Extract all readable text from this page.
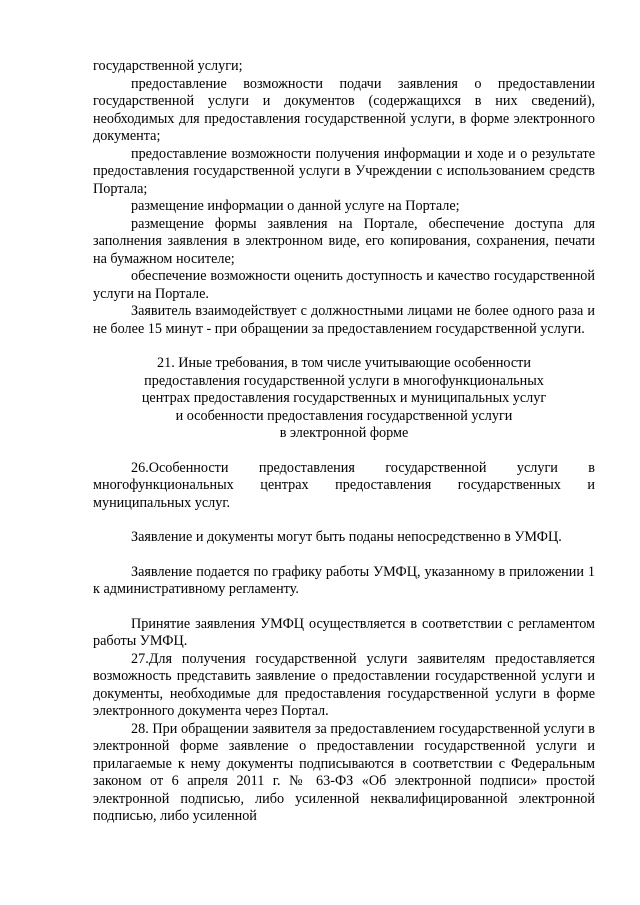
государственной услуги;

предоставление возможности подачи заявления о предоставлении государственной услуги и документов (содержащихся в них сведений), необходимых для предоставления государственной услуги, в форме электронного документа;

предоставление возможности получения информации и ходе и о результате предоставления государственной услуги в Учреждении с использованием средств Портала;

размещение информации о данной услуге на Портале;

размещение формы заявления на Портале, обеспечение доступа для заполнения заявления в электронном виде, его копирования, сохранения, печати на бумажном носителе;

обеспечение возможности оценить доступность и качество государственной услуги на Портале.

Заявитель взаимодействует с должностными лицами не более одного раза и не более 15 минут - при обращении за предоставлением государственной услуги.

21. Иные требования, в том числе учитывающие особенности

предоставления государственной услуги в многофункциональных

центрах предоставления государственных и муниципальных услуг

и особенности предоставления государственной услуги

в электронной форме

26.Особенности предоставления государственной услуги в многофункциональных центрах предоставления государственных и муниципальных услуг.

Заявление и документы могут быть поданы непосредственно в УМФЦ.

Заявление подается по графику работы УМФЦ, указанному в приложении 1 к административному регламенту.

Принятие заявления УМФЦ осуществляется в соответствии с регламентом работы УМФЦ.

27.Для получения государственной услуги заявителям предоставляется возможность представить заявление о предоставлении государственной услуги и документы, необходимые для предоставления государственной услуги в форме электронного документа через Портал.

28. При обращении заявителя за предоставлением государственной услуги в электронной форме заявление о предоставлении государственной услуги и прилагаемые к нему документы подписываются в соответствии с Федеральным законом от 6 апреля 2011 г. № 63-ФЗ «Об электронной подписи» простой электронной подписью, либо усиленной неквалифицированной электронной подписью, либо усиленной
